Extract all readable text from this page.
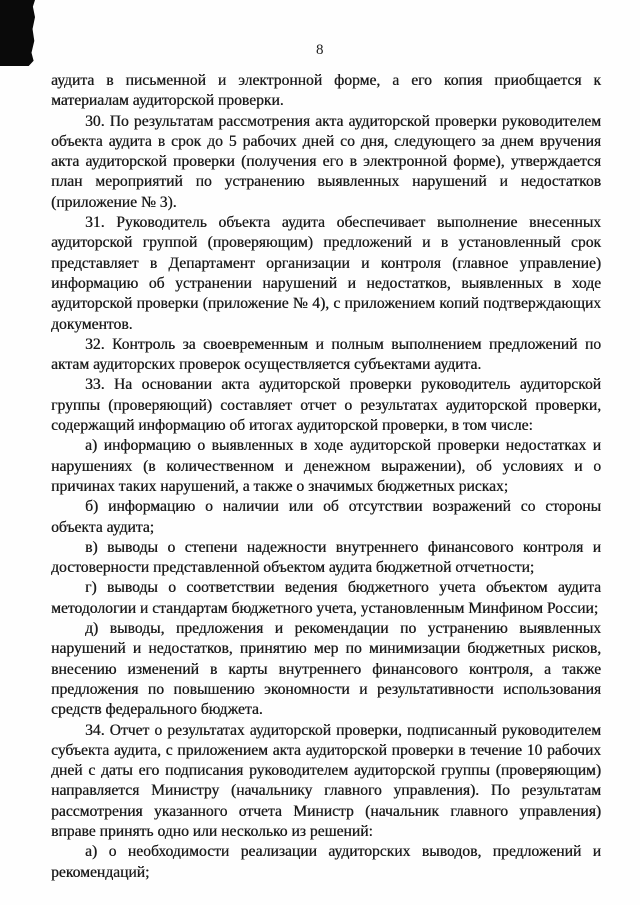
8

аудита в письменной и электронной форме, а его копия приобщается к материалам аудиторской проверки.

30. По результатам рассмотрения акта аудиторской проверки руководителем объекта аудита в срок до 5 рабочих дней со дня, следующего за днем вручения акта аудиторской проверки (получения его в электронной форме), утверждается план мероприятий по устранению выявленных нарушений и недостатков (приложение № 3).

31. Руководитель объекта аудита обеспечивает выполнение внесенных аудиторской группой (проверяющим) предложений и в установленный срок представляет в Департамент организации и контроля (главное управление) информацию об устранении нарушений и недостатков, выявленных в ходе аудиторской проверки (приложение № 4), с приложением копий подтверждающих документов.

32. Контроль за своевременным и полным выполнением предложений по актам аудиторских проверок осуществляется субъектами аудита.

33. На основании акта аудиторской проверки руководитель аудиторской группы (проверяющий) составляет отчет о результатах аудиторской проверки, содержащий информацию об итогах аудиторской проверки, в том числе:

а) информацию о выявленных в ходе аудиторской проверки недостатках и нарушениях (в количественном и денежном выражении), об условиях и о причинах таких нарушений, а также о значимых бюджетных рисках;

б) информацию о наличии или об отсутствии возражений со стороны объекта аудита;

в) выводы о степени надежности внутреннего финансового контроля и достоверности представленной объектом аудита бюджетной отчетности;

г) выводы о соответствии ведения бюджетного учета объектом аудита методологии и стандартам бюджетного учета, установленным Минфином России;

д) выводы, предложения и рекомендации по устранению выявленных нарушений и недостатков, принятию мер по минимизации бюджетных рисков, внесению изменений в карты внутреннего финансового контроля, а также предложения по повышению экономности и результативности использования средств федерального бюджета.

34. Отчет о результатах аудиторской проверки, подписанный руководителем субъекта аудита, с приложением акта аудиторской проверки в течение 10 рабочих дней с даты его подписания руководителем аудиторской группы (проверяющим) направляется Министру (начальнику главного управления). По результатам рассмотрения указанного отчета Министр (начальник главного управления) вправе принять одно или несколько из решений:

а) о необходимости реализации аудиторских выводов, предложений и рекомендаций;
